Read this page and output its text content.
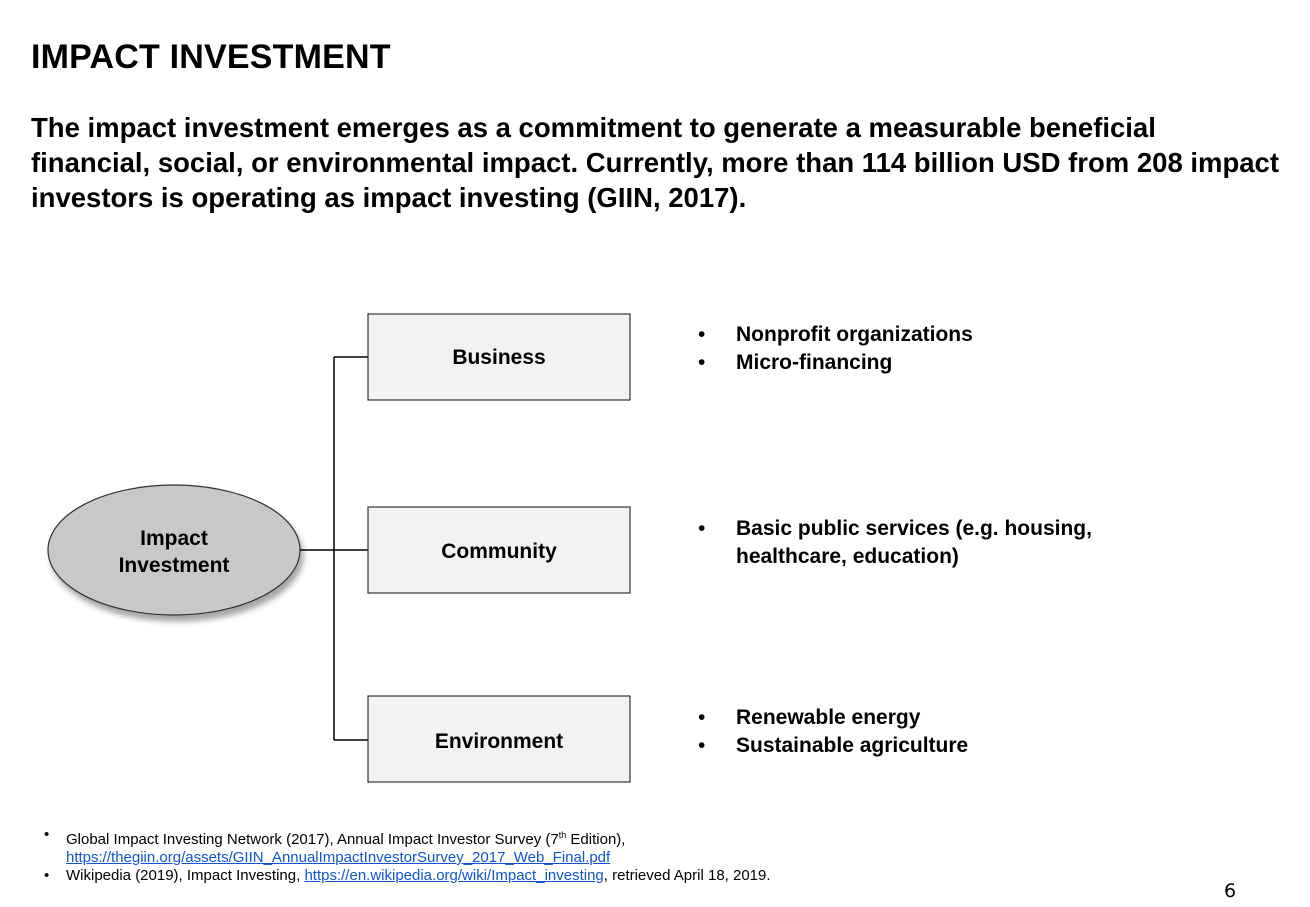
IMPACT INVESTMENT
The impact investment emerges as a commitment to generate a measurable beneficial financial, social, or environmental impact. Currently, more than 114 billion USD from 208 impact investors is operating as impact investing (GIIN, 2017).
Impact
Investment
Business
Community
Environment
• Nonprofit organizations
• Micro-financing
• Basic public services (e.g. housing, healthcare, education)
• Renewable energy
• Sustainable agriculture
• Global Impact Investing Network (2017), Annual Impact Investor Survey (7th Edition),
https://thegiin.org/assets/GIIN_AnnualImpactInvestorSurvey_2017_Web_Final.pdf
• Wikipedia (2019), Impact Investing, https://en.wikipedia.org/wiki/Impact_investing, retrieved April 18, 2019.
6
